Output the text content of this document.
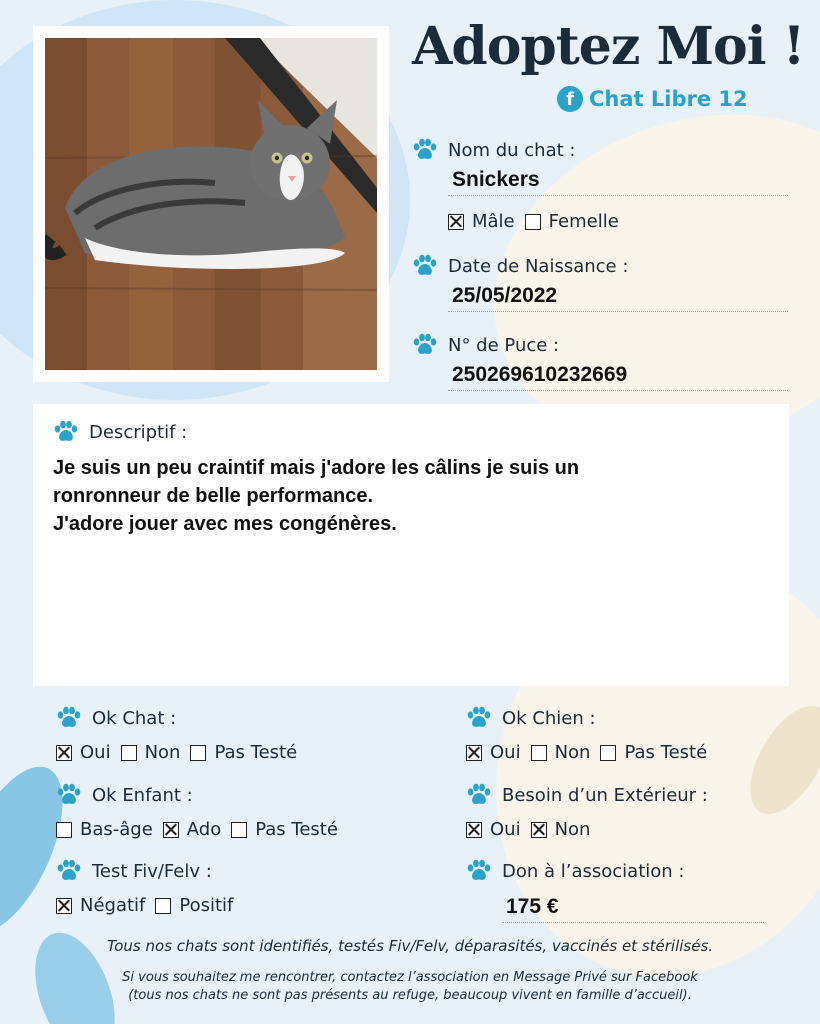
Adoptez Moi !
f Chat Libre 12
Nom du chat :
Snickers
Mâle Femelle
Date de Naissance :
25/05/2022
N° de Puce :
250269610232669
Descriptif :
Je suis un peu craintif mais j'adore les câlins je suis un
ronronneur de belle performance.
J'adore jouer avec mes congénères.
Ok Chat :
Oui Non Pas Testé
Ok Chien :
Oui Non Pas Testé
Ok Enfant :
Bas-âge Ado Pas Testé
Besoin d’un Extérieur :
Oui Non
Test Fiv/Felv :
Négatif Positif
Don à l’association :
175 €
Tous nos chats sont identifiés, testés Fiv/Felv, déparasités, vaccinés et stérilisés.
Si vous souhaitez me rencontrer, contactez l’association en Message Privé sur Facebook
(tous nos chats ne sont pas présents au refuge, beaucoup vivent en famille d’accueil).
